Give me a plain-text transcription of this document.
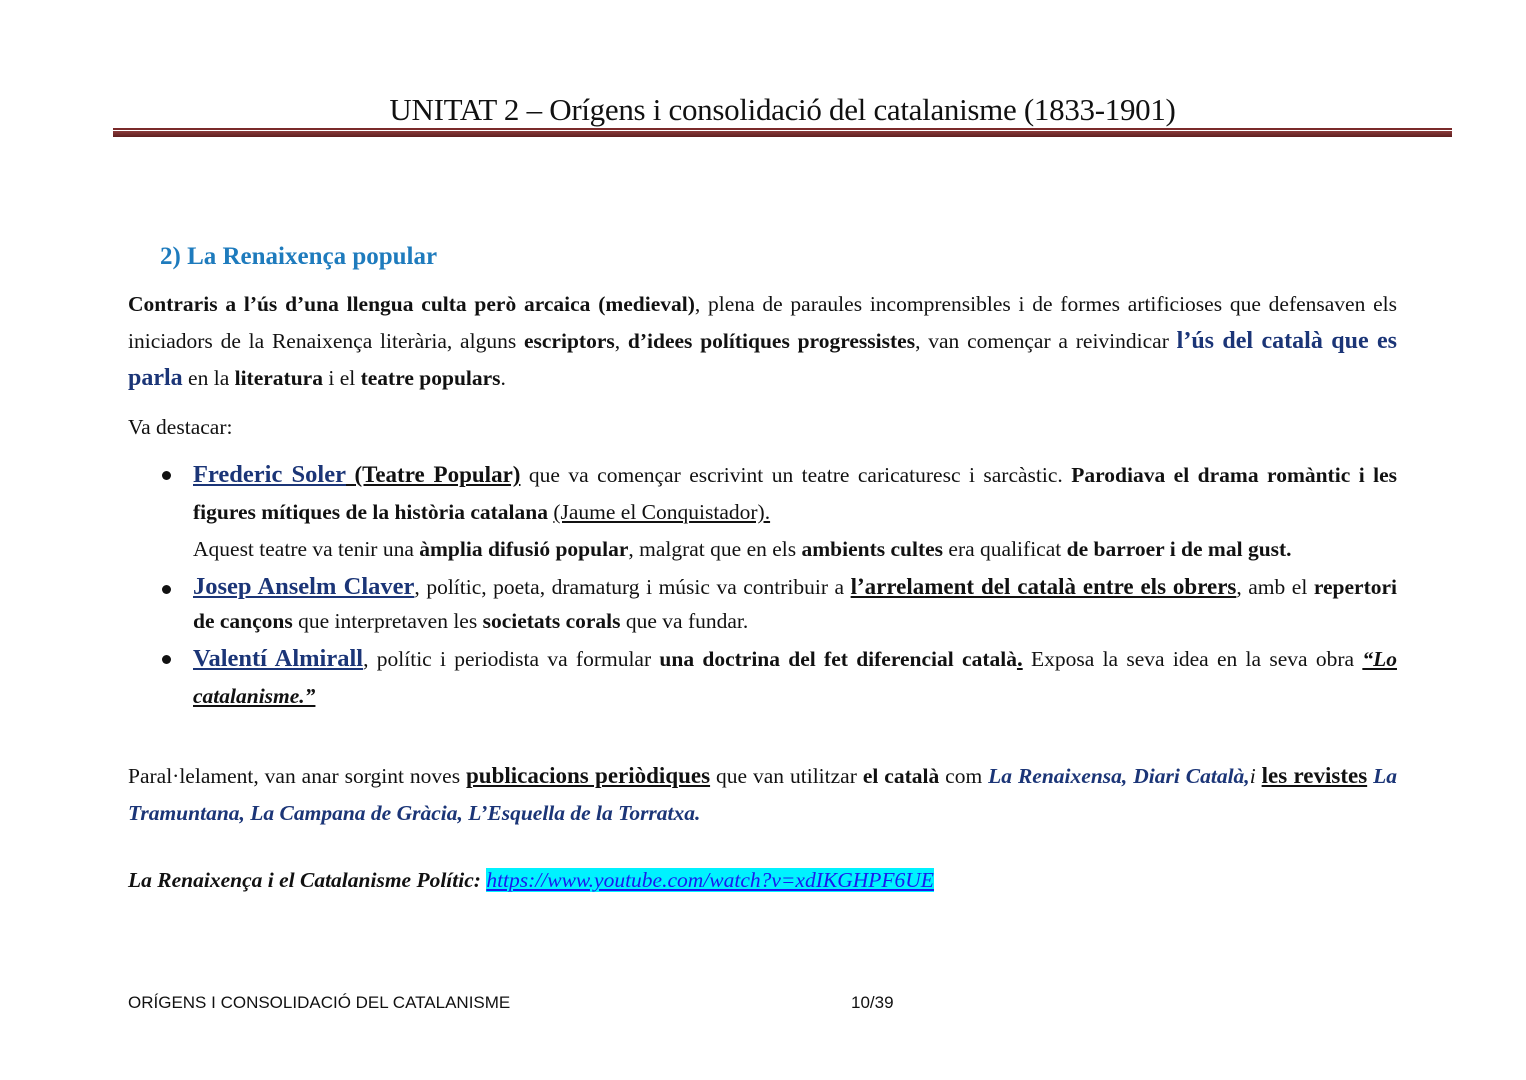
UNITAT 2 – Orígens i consolidació del catalanisme (1833-1901)
2) La Renaixença popular

Contraris a l’ús d’una llengua culta però arcaica (medieval), plena de paraules incomprensibles i de formes artificioses que defensaven els iniciadors de la Renaixença literària, alguns escriptors, d’idees polítiques progressistes, van començar a reivindicar l’ús del català que es parla en la literatura i el teatre populars.

Va destacar:

Frederic Soler (Teatre Popular) que va començar escrivint un teatre caricaturesc i sarcàstic. Parodiava el drama romàntic i les figures mítiques de la història catalana (Jaume el Conquistador).
Aquest teatre va tenir una àmplia difusió popular, malgrat que en els ambients cultes era qualificat de barroer i de mal gust.
Josep Anselm Claver, polític, poeta, dramaturg i músic va contribuir a l’arrelament del català entre els obrers, amb el repertori de cançons que interpretaven les societats corals que va fundar.
Valentí Almirall, polític i periodista va formular una doctrina del fet diferencial català. Exposa la seva idea en la seva obra “Lo catalanisme.”

Paral·lelament, van anar sorgint noves publicacions periòdiques que van utilitzar el català com La Renaixensa, Diari Català,i les revistes La Tramuntana, La Campana de Gràcia, L’Esquella de la Torratxa.

La Renaixença i el Catalanisme Polític: https://www.youtube.com/watch?v=xdIKGHPF6UE

ORÍGENS I CONSOLIDACIÓ DEL CATALANISME	10/39
